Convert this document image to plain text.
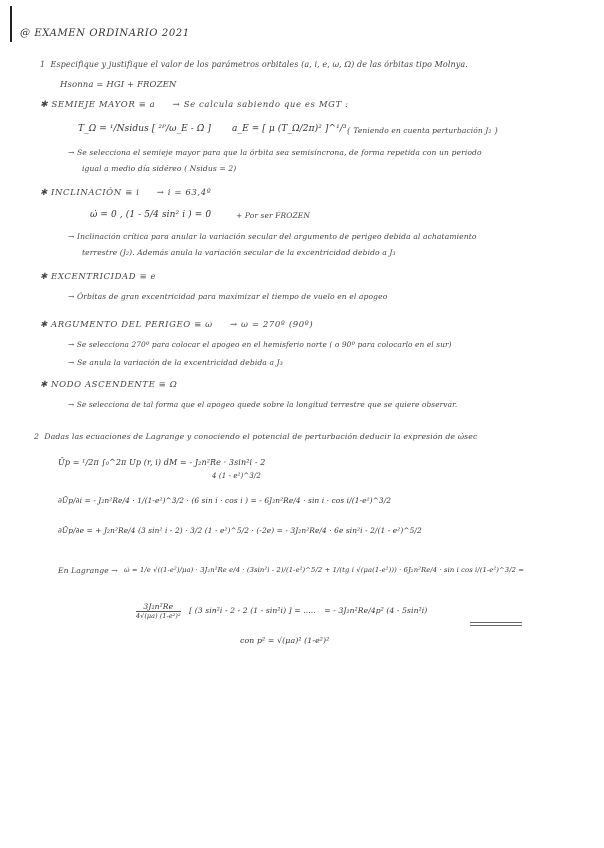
@ EXAMEN ORDINARIO 2021
1 Especifique y justifique el valor de los parámetros orbitales (a, i, e, ω, Ω) de las órbitas tipo Molnya.
Hsonna = HGI + FROZEN
✱ SEMIEJE MAYOR ≡ a → Se calcula sabiendo que es MGT :
T_Ω = ¹/Nsidus [ ²ᴾ/ω_E - Ω̇ ] a_E = [ μ (T_Ω/2π)² ]^¹/³ { Teniendo en cuenta perturbación J₂ }
→ Se selecciona el semieje mayor para que la órbita sea semisíncrona, de forma repetida con un periodo
igual a medio día sidéreo ( Nsidus = 2)
✱ INCLINACIÓN ≡ i → i = 63,4º
ω̇ = 0 , (1 - 5/4 sin² i ) = 0	+ Por ser FROZEN
→ Inclinación crítica para anular la variación secular del argumento de perigeo debida al achatamiento
terrestre (J₂). Además anula la variación secular de la excentricidad debido a J₃
✱ EXCENTRICIDAD ≡ e
→ Órbitas de gran excentricidad para maximizar el tiempo de vuelo en el apogeo
✱ ARGUMENTO DEL PERIGEO ≡ ω → ω = 270º (90º)
→ Se selecciona 270º para colocar el apogeo en el hemisferio norte ( o 90º para colocarlo en el sur)
→ Se anula la variación de la excentricidad debida a J₃
✱ NODO ASCENDENTE ≡ Ω
→ Se selecciona de tal forma que el apogeo quede sobre la longitud terrestre que se quiere observar.
2 Dadas las ecuaciones de Lagrange y conociendo el potencial de perturbación deducir la expresión de ω̇sec
Ūp = ¹/2π ∫₀^2π Up (r, i) dM = - J₂n²Re · 3sin²i - 2
4 (1 - e²)^3/2
∂Ūp/∂i = - J₂n²Re/4 · 1/(1-e²)^3/2 · (6 sin i · cos i ) = - 6J₂n²Re/4 · sin i · cos i/(1-e²)^3/2
∂Ūp/∂e = + J₂n²Re/4 (3 sin² i - 2) · 3/2 (1 - e²)^5/2 · (-2e) = - 3J₂n²Re/4 · 6e sin²i - 2/(1 - e²)^5/2
En Lagrange → ω̇ = 1/e √((1-e²)/μa) · 3J₂n²Re e/4 · (3sin²i - 2)/(1-e²)^5/2 + 1/(tg i √(μa(1-e²))) · 6J₂n²Re/4 · sin i cos i/(1-e²)^3/2 =
3J₂n²Re
4√(μa) (1-e²)²
[ (3 sin²i - 2 - 2 (1 - sin²i) ] = ..... = - 3J₂n²Re/4p² (4 - 5sin²i)
con p² = √(μa)² (1-e²)²
